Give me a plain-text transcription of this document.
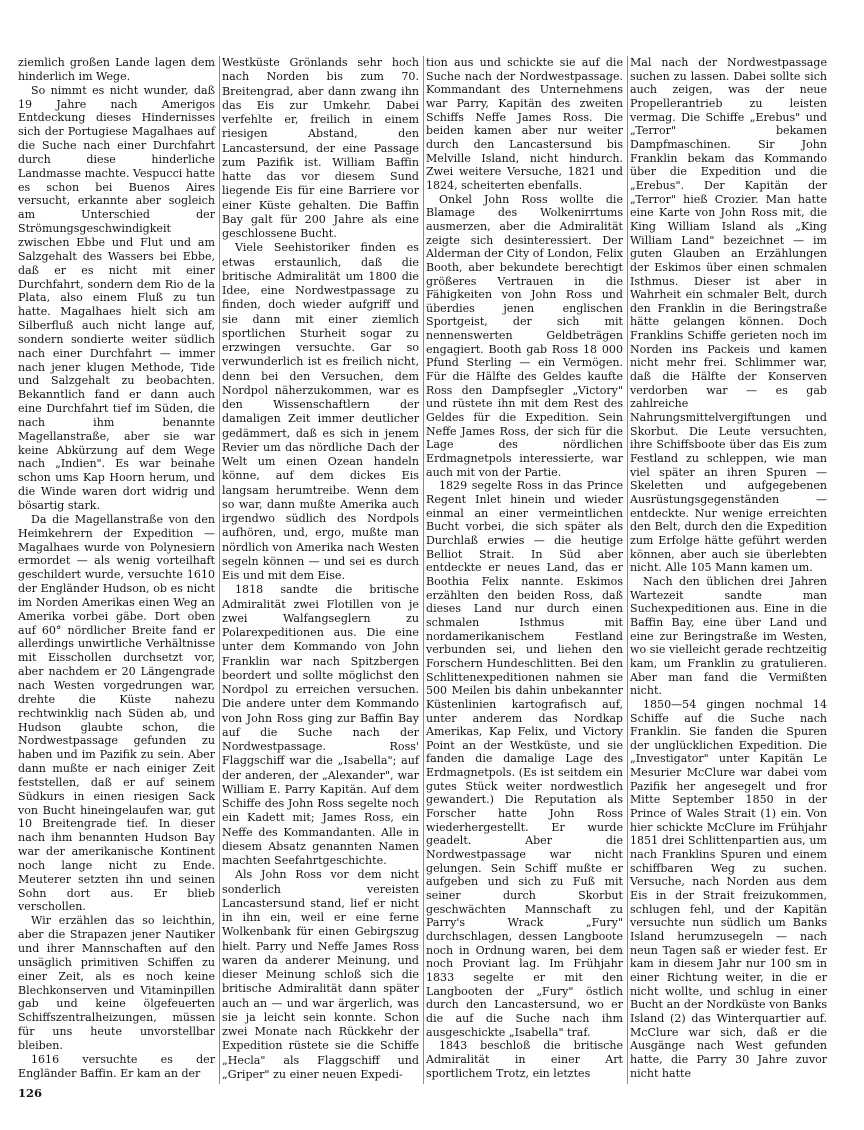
ziemlich großen Lande lagen dem hinderlich im Wege.

So nimmt es nicht wunder, daß 19 Jahre nach Amerigos Entdeckung dieses Hindernisses sich der Portugiese Magalhaes auf die Suche nach einer Durchfahrt durch diese hinderliche Landmasse machte. Vespucci hatte es schon bei Buenos Aires versucht, erkannte aber sogleich am Unterschied der Strömungsgeschwindigkeit zwischen Ebbe und Flut und am Salzgehalt des Wassers bei Ebbe, daß er es nicht mit einer Durchfahrt, sondern dem Rio de la Plata, also einem Fluß zu tun hatte. Magalhaes hielt sich am Silberfluß auch nicht lange auf, sondern sondierte weiter südlich nach einer Durchfahrt — immer nach jener klugen Methode, Tide und Salzgehalt zu beobachten. Bekanntlich fand er dann auch eine Durchfahrt tief im Süden, die nach ihm benannte Magellanstraße, aber sie war keine Abkürzung auf dem Wege nach „Indien". Es war beinahe schon ums Kap Hoorn herum, und die Winde waren dort widrig und bösartig stark.

Da die Magellanstraße von den Heimkehrern der Expedition — Magalhaes wurde von Polynesiern ermordet — als wenig vorteilhaft geschildert wurde, versuchte 1610 der Engländer Hudson, ob es nicht im Norden Amerikas einen Weg an Amerika vorbei gäbe. Dort oben auf 60° nördlicher Breite fand er allerdings unwirtliche Verhältnisse mit Eisschollen durchsetzt vor, aber nachdem er 20 Längengrade nach Westen vorgedrungen war, drehte die Küste nahezu rechtwinklig nach Süden ab, und Hudson glaubte schon, die Nordwestpassage gefunden zu haben und im Pazifik zu sein. Aber dann mußte er nach einiger Zeit feststellen, daß er auf seinem Südkurs in einen riesigen Sack von Bucht hineingelaufen war, gut 10 Breitengrade tief. In dieser nach ihm benannten Hudson Bay war der amerikanische Kontinent noch lange nicht zu Ende. Meuterer setzten ihn und seinen Sohn dort aus. Er blieb verschollen.

Wir erzählen das so leichthin, aber die Strapazen jener Nautiker und ihrer Mannschaften auf den unsäglich primitiven Schiffen zu einer Zeit, als es noch keine Blechkonserven und Vitaminpillen gab und keine ölgefeuerten Schiffszentralheizungen, müssen für uns heute unvorstellbar bleiben.

1616 versuchte es der Engländer Baffin. Er kam an der

Westküste Grönlands sehr hoch nach Norden bis zum 70. Breitengrad, aber dann zwang ihn das Eis zur Umkehr. Dabei verfehlte er, freilich in einem riesigen Abstand, den Lancastersund, der eine Passage zum Pazifik ist. William Baffin hatte das vor diesem Sund liegende Eis für eine Barriere vor einer Küste gehalten. Die Baffin Bay galt für 200 Jahre als eine geschlossene Bucht.

Viele Seehistoriker finden es etwas erstaunlich, daß die britische Admiralität um 1800 die Idee, eine Nordwestpassage zu finden, doch wieder aufgriff und sie dann mit einer ziemlich sportlichen Sturheit sogar zu erzwingen versuchte. Gar so verwunderlich ist es freilich nicht, denn bei den Versuchen, dem Nordpol näherzukommen, war es den Wissenschaftlern der damaligen Zeit immer deutlicher gedämmert, daß es sich in jenem Revier um das nördliche Dach der Welt um einen Ozean handeln könne, auf dem dickes Eis langsam herumtreibe. Wenn dem so war, dann mußte Amerika auch irgendwo südlich des Nordpols aufhören, und, ergo, mußte man nördlich von Amerika nach Westen segeln können — und sei es durch Eis und mit dem Eise.

1818 sandte die britische Admiralität zwei Flotillen von je zwei Walfangseglern zu Polarexpeditionen aus. Die eine unter dem Kommando von John Franklin war nach Spitzbergen beordert und sollte möglichst den Nordpol zu erreichen versuchen. Die andere unter dem Kommando von John Ross ging zur Baffin Bay auf die Suche nach der Nordwestpassage. Ross' Flaggschiff war die „Isabella"; auf der anderen, der „Alexander", war William E. Parry Kapitän. Auf dem Schiffe des John Ross segelte noch ein Kadett mit; James Ross, ein Neffe des Kommandanten. Alle in diesem Absatz genannten Namen machten Seefahrtgeschichte.

Als John Ross vor dem nicht sonderlich vereisten Lancastersund stand, lief er nicht in ihn ein, weil er eine ferne Wolkenbank für einen Gebirgszug hielt. Parry und Neffe James Ross waren da anderer Meinung, und dieser Meinung schloß sich die britische Admiralität dann später auch an — und war ärgerlich, was sie ja leicht sein konnte. Schon zwei Monate nach Rückkehr der Expedition rüstete sie die Schiffe „Hecla" als Flaggschiff und „Griper" zu einer neuen Expedi-

tion aus und schickte sie auf die Suche nach der Nordwestpassage. Kommandant des Unternehmens war Parry, Kapitän des zweiten Schiffs Neffe James Ross. Die beiden kamen aber nur weiter durch den Lancastersund bis Melville Island, nicht hindurch. Zwei weitere Versuche, 1821 und 1824, scheiterten ebenfalls.

Onkel John Ross wollte die Blamage des Wolkenirrtums ausmerzen, aber die Admiralität zeigte sich desinteressiert. Der Alderman der City of London, Felix Booth, aber bekundete berechtigt größeres Vertrauen in die Fähigkeiten von John Ross und überdies jenen englischen Sportgeist, der sich mit nennenswerten Geldbeträgen engagiert. Booth gab Ross 18 000 Pfund Sterling — ein Vermögen. Für die Hälfte des Geldes kaufte Ross den Dampfsegler „Victory" und rüstete ihn mit dem Rest des Geldes für die Expedition. Sein Neffe James Ross, der sich für die Lage des nördlichen Erdmagnetpols interessierte, war auch mit von der Partie.

1829 segelte Ross in das Prince Regent Inlet hinein und wieder einmal an einer vermeintlichen Bucht vorbei, die sich später als Durchlaß erwies — die heutige Belliot Strait. In Süd aber entdeckte er neues Land, das er Boothia Felix nannte. Eskimos erzählten den beiden Ross, daß dieses Land nur durch einen schmalen Isthmus mit nordamerikanischem Festland verbunden sei, und liehen den Forschern Hundeschlitten. Bei den Schlittenexpeditionen nahmen sie 500 Meilen bis dahin unbekannter Küstenlinien kartografisch auf, unter anderem das Nordkap Amerikas, Kap Felix, und Victory Point an der Westküste, und sie fanden die damalige Lage des Erdmagnetpols. (Es ist seitdem ein gutes Stück weiter nordwestlich gewandert.) Die Reputation als Forscher hatte John Ross wiederhergestellt. Er wurde geadelt. Aber die Nordwestpassage war nicht gelungen. Sein Schiff mußte er aufgeben und sich zu Fuß mit seiner durch Skorbut geschwächten Mannschaft zu Parry's Wrack „Fury" durchschlagen, dessen Langboote noch in Ordnung waren, bei dem noch Proviant lag. Im Frühjahr 1833 segelte er mit den Langbooten der „Fury" östlich durch den Lancastersund, wo er die auf die Suche nach ihm ausgeschickte „Isabella" traf.

1843 beschloß die britische Admiralität in einer Art sportlichem Trotz, ein letztes

Mal nach der Nordwestpassage suchen zu lassen. Dabei sollte sich auch zeigen, was der neue Propellerantrieb zu leisten vermag. Die Schiffe „Erebus" und „Terror" bekamen Dampfmaschinen. Sir John Franklin bekam das Kommando über die Expedition und die „Erebus". Der Kapitän der „Terror" hieß Crozier. Man hatte eine Karte von John Ross mit, die King William Island als „King William Land" bezeichnet — im guten Glauben an Erzählungen der Eskimos über einen schmalen Isthmus. Dieser ist aber in Wahrheit ein schmaler Belt, durch den Franklin in die Beringstraße hätte gelangen können. Doch Franklins Schiffe gerieten noch im Norden ins Packeis und kamen nicht mehr frei. Schlimmer war, daß die Hälfte der Konserven verdorben war — es gab zahlreiche Nahrungsmittelvergiftungen und Skorbut. Die Leute versuchten, ihre Schiffsboote über das Eis zum Festland zu schleppen, wie man viel später an ihren Spuren — Skeletten und aufgegebenen Ausrüstungsgegenständen — entdeckte. Nur wenige erreichten den Belt, durch den die Expedition zum Erfolge hätte geführt werden können, aber auch sie überlebten nicht. Alle 105 Mann kamen um.

Nach den üblichen drei Jahren Wartezeit sandte man Suchexpeditionen aus. Eine in die Baffin Bay, eine über Land und eine zur Beringstraße im Westen, wo sie vielleicht gerade rechtzeitig kam, um Franklin zu gratulieren. Aber man fand die Vermißten nicht.

1850—54 gingen nochmal 14 Schiffe auf die Suche nach Franklin. Sie fanden die Spuren der unglücklichen Expedition. Die „Investigator" unter Kapitän Le Mesurier McClure war dabei vom Pazifik her angesegelt und fror Mitte September 1850 in der Prince of Wales Strait (1) ein. Von hier schickte McClure im Frühjahr 1851 drei Schlittenpartien aus, um nach Franklins Spuren und einem schiffbaren Weg zu suchen. Versuche, nach Norden aus dem Eis in der Strait freizukommen, schlugen fehl, und der Kapitän versuchte nun südlich um Banks Island herumzusegeln — nach neun Tagen saß er wieder fest. Er kam in diesem Jahr nur 100 sm in einer Richtung weiter, in die er nicht wollte, und schlug in einer Bucht an der Nordküste von Banks Island (2) das Winterquartier auf. McClure war sich, daß er die Ausgänge nach West gefunden hatte, die Parry 30 Jahre zuvor nicht hatte

126
